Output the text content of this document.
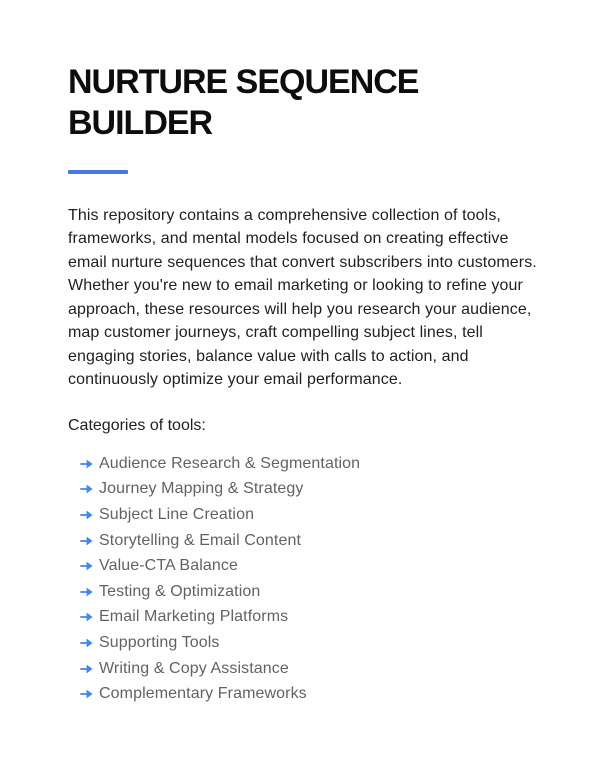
NURTURE SEQUENCE BUILDER

This repository contains a comprehensive collection of tools, frameworks, and mental models focused on creating effective email nurture sequences that convert subscribers into customers. Whether you're new to email marketing or looking to refine your approach, these resources will help you research your audience, map customer journeys, craft compelling subject lines, tell engaging stories, balance value with calls to action, and continuously optimize your email performance.

Categories of tools:

Audience Research & Segmentation
Journey Mapping & Strategy
Subject Line Creation
Storytelling & Email Content
Value-CTA Balance
Testing & Optimization
Email Marketing Platforms
Supporting Tools
Writing & Copy Assistance
Complementary Frameworks
